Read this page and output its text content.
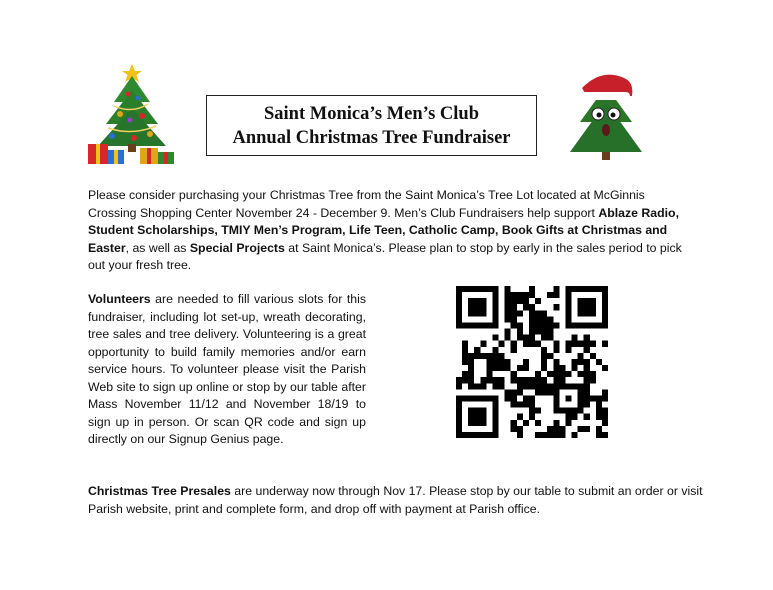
Saint Monica’s Men’s Club
Annual Christmas Tree Fundraiser
Please consider purchasing your Christmas Tree from the Saint Monica’s Tree Lot located at McGinnis Crossing Shopping Center November 24 - December 9. Men’s Club Fundraisers help support Ablaze Radio, Student Scholarships, TMIY Men’s Program, Life Teen, Catholic Camp, Book Gifts at Christmas and Easter, as well as Special Projects at Saint Monica’s. Please plan to stop by early in the sales period to pick out your fresh tree.
Volunteers are needed to fill various slots for this fundraiser, including lot set-up, wreath decorating, tree sales and tree delivery. Volunteering is a great opportunity to build family memories and/or earn service hours. To volunteer please visit the Parish Web site to sign up online or stop by our table after Mass November 11/12 and November 18/19 to sign up in person. Or scan QR code and sign up directly on our Signup Genius page.
Christmas Tree Presales are underway now through Nov 17. Please stop by our table to submit an order or visit Parish website, print and complete form, and drop off with payment at Parish office.
